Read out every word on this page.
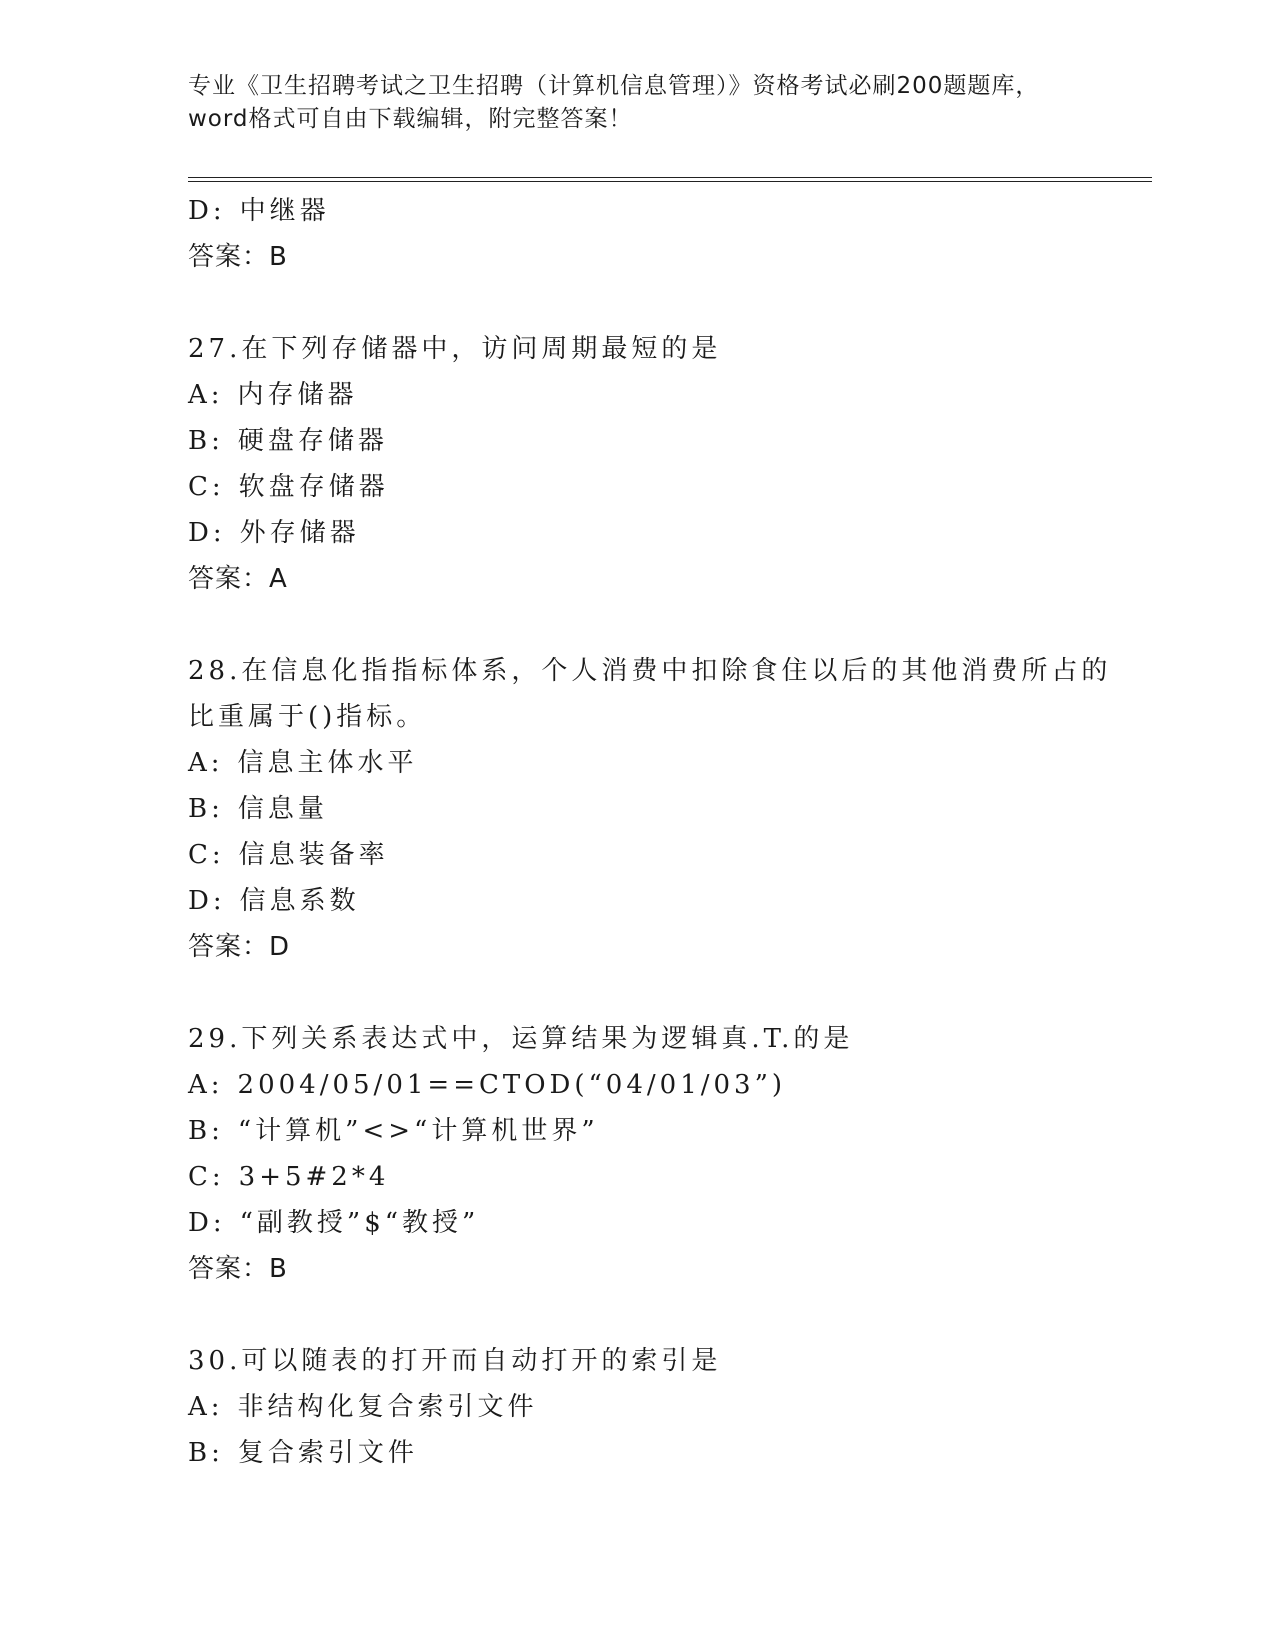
专业《卫生招聘考试之卫生招聘（计算机信息管理）》资格考试必刷200题题库，
word格式可自由下载编辑，附完整答案！
D: 中继器
答案：B
27.在下列存储器中，访问周期最短的是
A: 内存储器
B: 硬盘存储器
C: 软盘存储器
D: 外存储器
答案：A
28.在信息化指指标体系，个人消费中扣除食住以后的其他消费所占的
比重属于()指标。
A: 信息主体水平
B: 信息量
C: 信息装备率
D: 信息系数
答案：D
29.下列关系表达式中，运算结果为逻辑真.T.的是
A: 2004/05/01==CTOD(“04/01/03”)
B: “计算机”<>“计算机世界”
C: 3+5#2*4
D: “副教授”$“教授”
答案：B
30.可以随表的打开而自动打开的索引是
A: 非结构化复合索引文件
B: 复合索引文件
